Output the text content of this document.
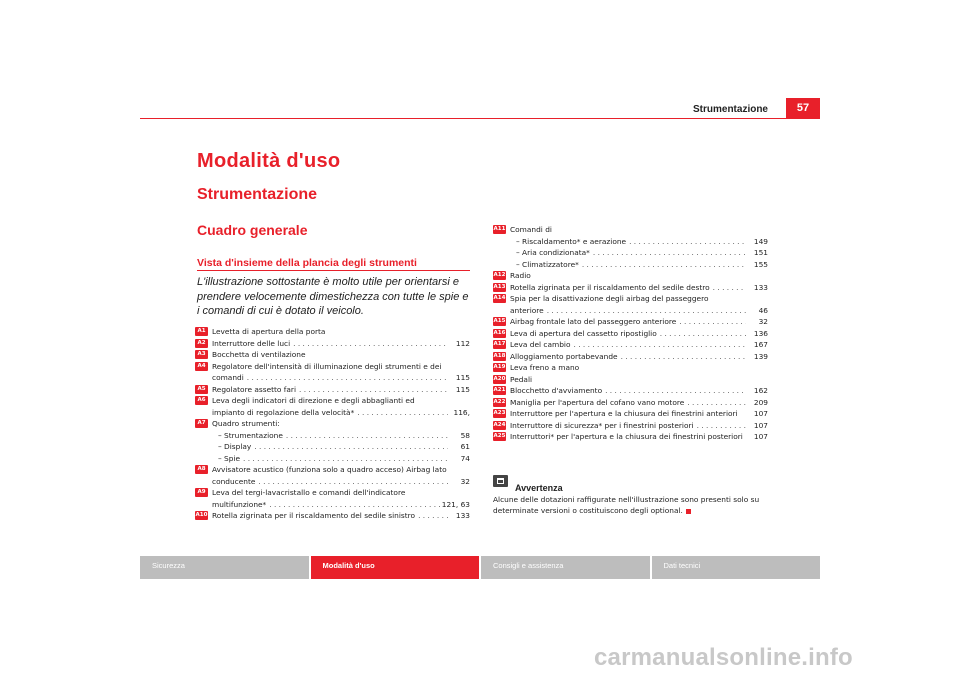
Strumentazione	57
Modalità d'uso
Strumentazione
Cuadro generale
Vista d'insieme della plancia degli strumenti
L'illustrazione sottostante è molto utile per orientarsi e prendere velocemente dimestichezza con tutte le spie e i comandi di cui è dotato il veicolo.
A1 Levetta di apertura della porta
A2 Interruttore delle luci . . .	112
A3 Bocchetta di ventilazione
A4 Regolatore dell'intensità di illuminazione degli strumenti e dei
comandi . . .	115
A5 Regolatore assetto fari . . .	115
A6 Leva degli indicatori di direzione e degli abbaglianti ed
impianto di regolazione della velocità* . . .	116,
A7 Quadro strumenti:
– Strumentazione . . .	58
– Display . . .	61
– Spie . . .	74
A8 Avvisatore acustico (funziona solo a quadro acceso) Airbag lato
conducente . . .	32
A9 Leva del tergi-lavacristallo e comandi dell'indicatore
multifunzione* . . .	121, 63
A10 Rotella zigrinata per il riscaldamento del sedile sinistro . . .	133
A11 Comandi di
– Riscaldamento* e aerazione . . .	149
– Aria condizionata* . . .	151
– Climatizzatore* . . .	155
A12 Radio
A13 Rotella zigrinata per il riscaldamento del sedile destro . . .	133
A14 Spia per la disattivazione degli airbag del passeggero
anteriore . . .	46
A15 Airbag frontale lato del passeggero anteriore . . .	32
A16 Leva di apertura del cassetto ripostiglio . . .	136
A17 Leva del cambio . . .	167
A18 Alloggiamento portabevande . . .	139
A19 Leva freno a mano
A20 Pedali
A21 Blocchetto d'avviamento . . .	162
A22 Maniglia per l'apertura del cofano vano motore . . .	209
A23 Interruttore per l'apertura e la chiusura dei finestrini anteriori	107
A24 Interruttore di sicurezza* per i finestrini posteriori . . .	107
A25 Interruttori* per l'apertura e la chiusura dei finestrini posteriori	107
Avvertenza
Alcune delle dotazioni raffigurate nell'illustrazione sono presenti solo su determinate versioni o costituiscono degli optional.
Sicurezza	Modalità d'uso	Consigli e assistenza	Dati tecnici
carmanualsonline.info
